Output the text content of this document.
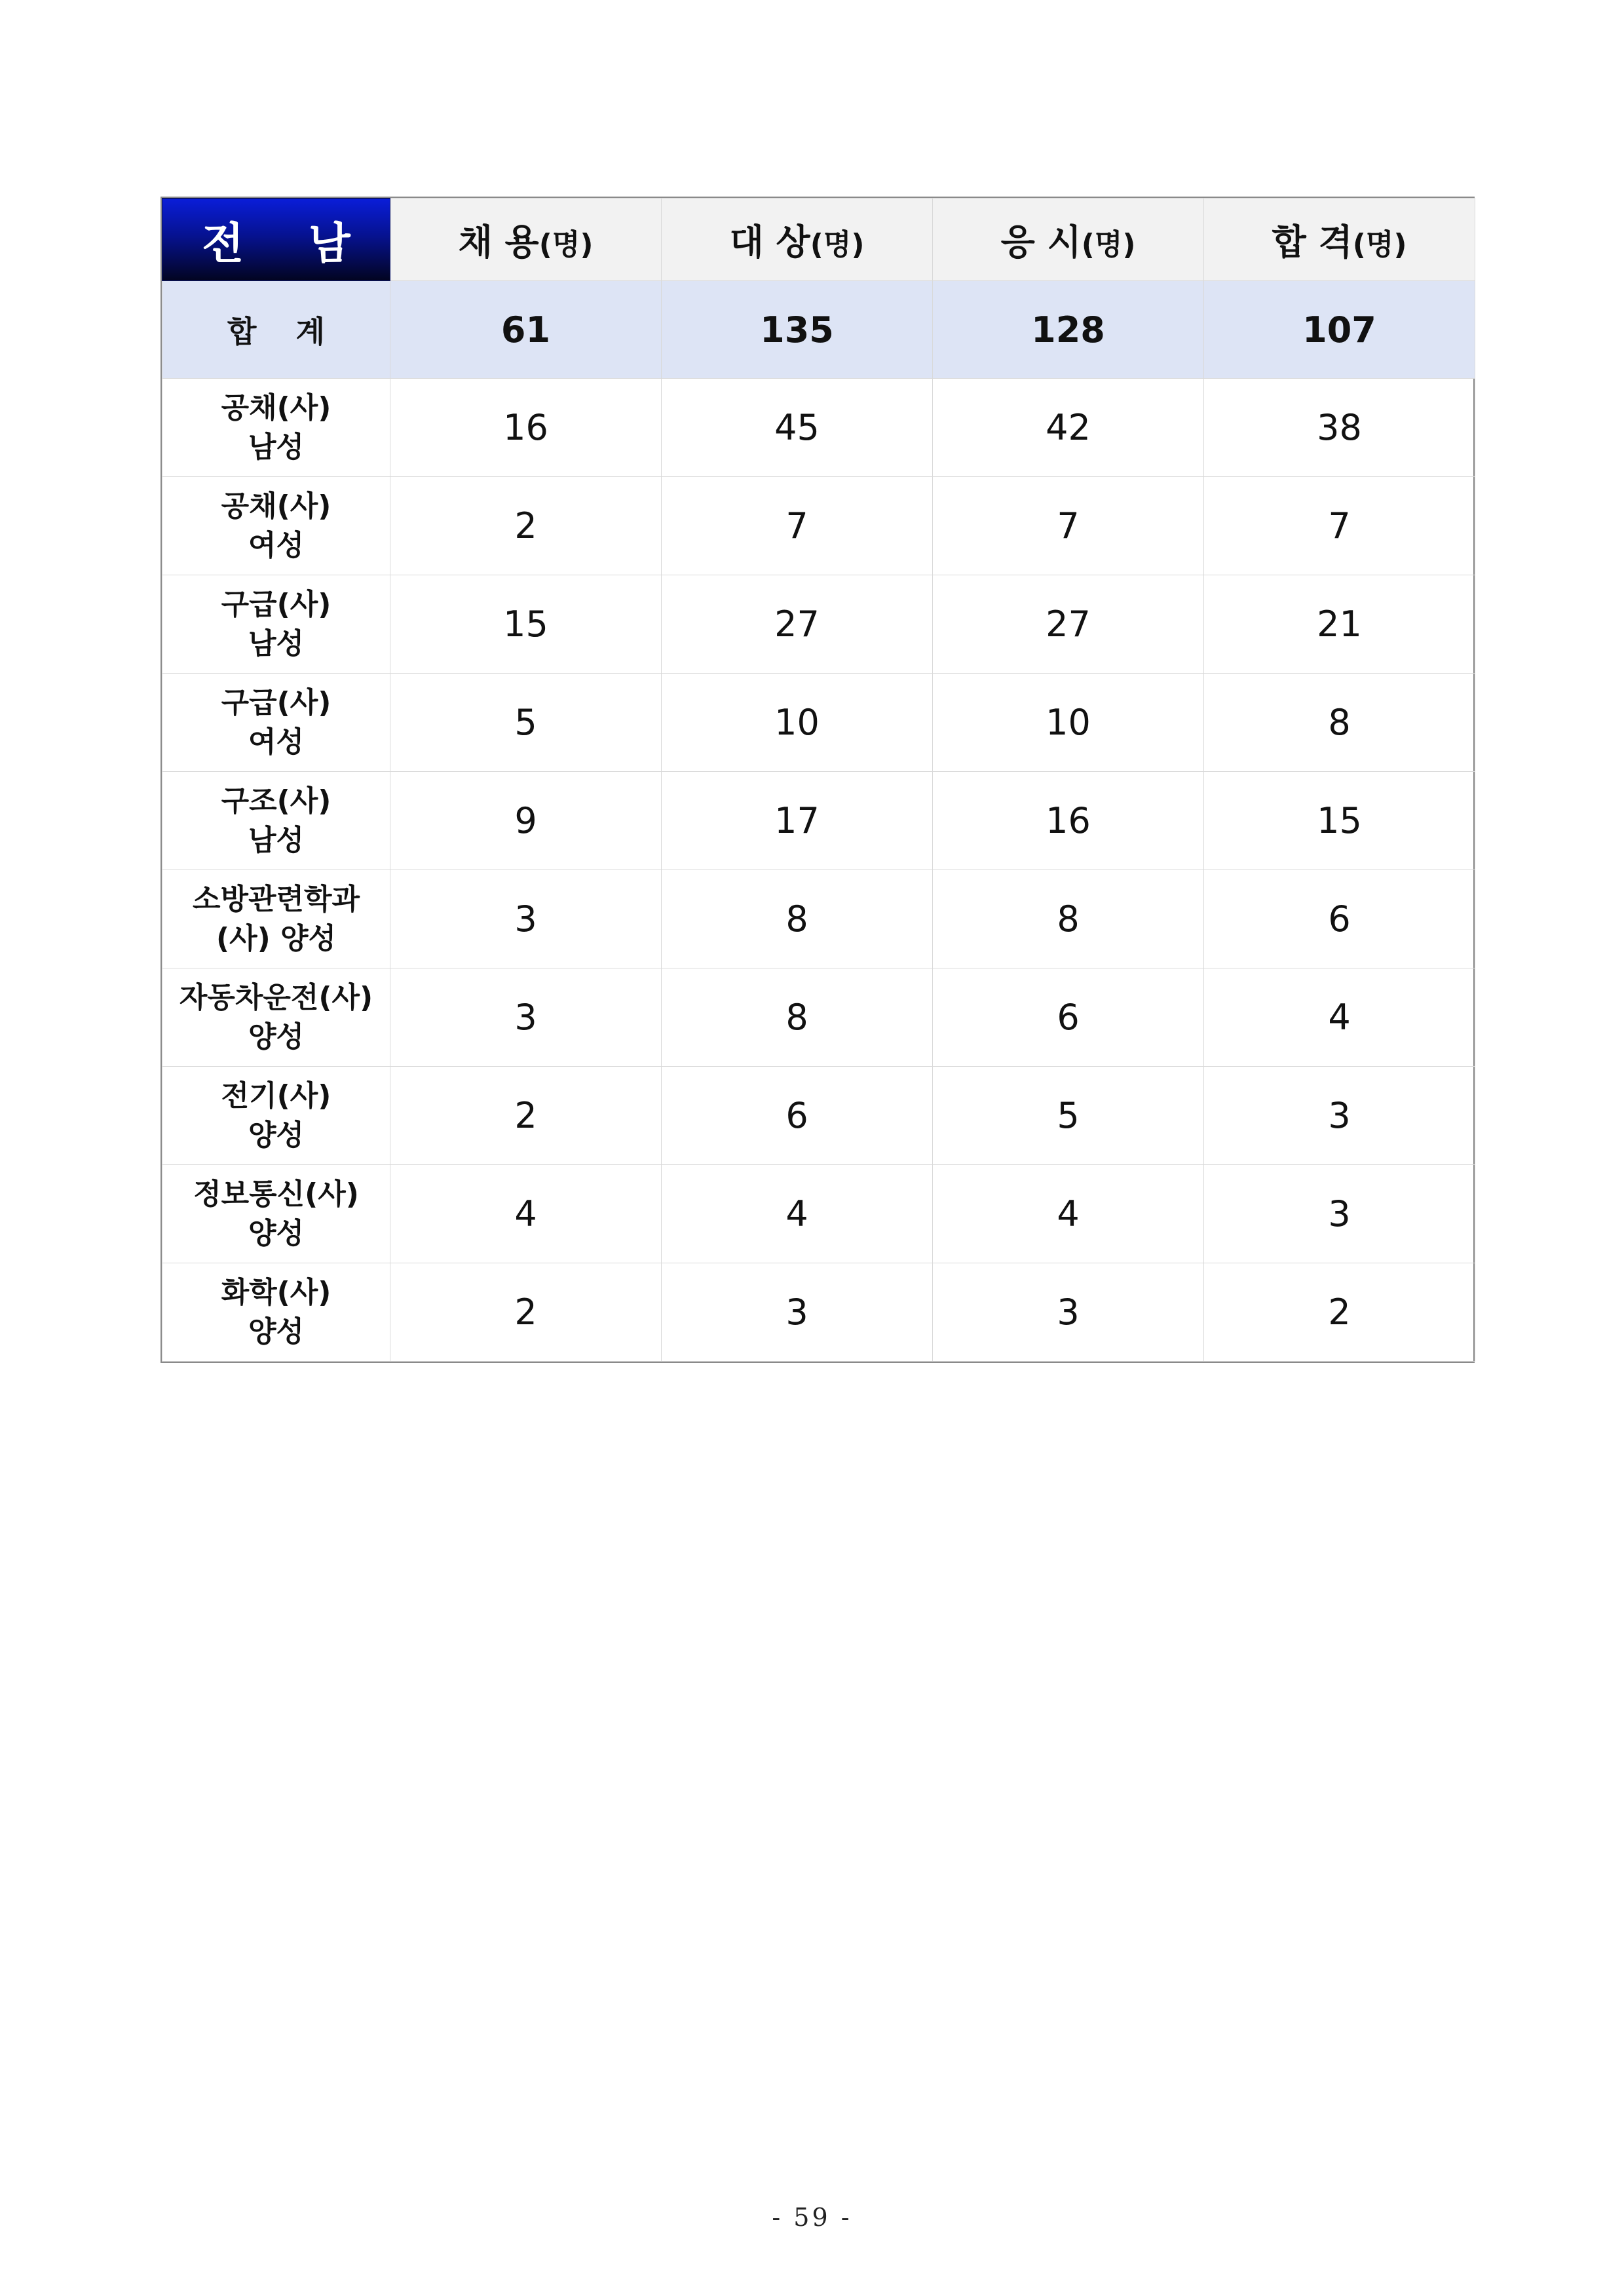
전 남	채 용(명)	대 상(명)	응 시(명)	합 격(명)
합 계	61	135	128	107

공채(사)
남성	16	45	42	38

공채(사)
여성	2	7	7	7

구급(사)
남성	15	27	27	21

구급(사)
여성	5	10	10	8

구조(사)
남성	9	17	16	15

소방관련학과
(사) 양성	3	8	8	6

자동차운전(사)
양성	3	8	6	4

전기(사)
양성	2	6	5	3

정보통신(사)
양성	4	4	4	3

화학(사)
양성	2	3	3	2
- 59 -
